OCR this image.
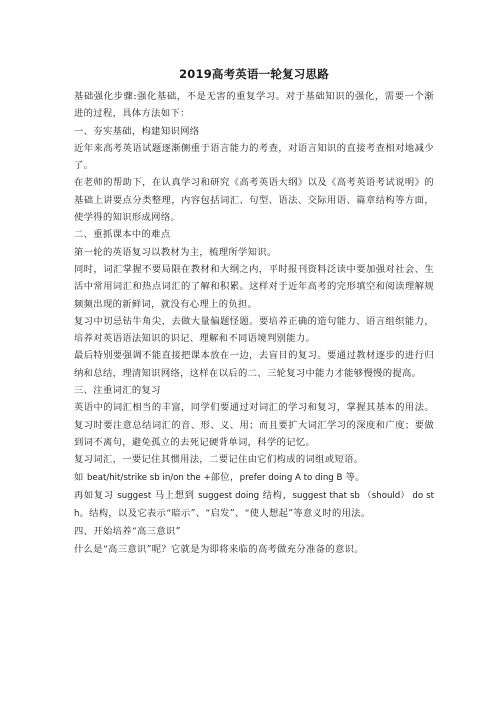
2019高考英语一轮复习思路

基础强化步骤:强化基础，不是无害的重复学习。对于基础知识的强化，需要一个渐进的过程，具体方法如下：

一、夯实基础，构建知识网络

近年来高考英语试题逐渐侧重于语言能力的考查，对语言知识的直接考查相对地减少了。

在老师的帮助下，在认真学习和研究《高考英语大纲》以及《高考英语考试说明》的基础上讲要点分类整理，内容包括词汇、句型、语法、交际用语、篇章结构等方面，使学得的知识形成网络。

二、重抓课本中的难点

第一轮的英语复习以教材为主，梳理所学知识。

同时，词汇掌握不要局限在教材和大纲之内，平时报刊资料泛读中要加强对社会、生活中常用词汇和热点词汇的了解和积累。这样对于近年高考的完形填空和阅读理解规频频出现的新鲜词，就没有心理上的负担。

复习中切忌钻牛角尖，去做大量偏题怪题。要培养正确的造句能力、语言组织能力，培养对英语语法知识的识记、理解和不同语境判别能力。

最后特别要强调不能直接把课本放在一边，去盲目的复习。要通过教材逐步的进行归纳和总结，理清知识网络，这样在以后的二、三轮复习中能力才能够慢慢的提高。

三、注重词汇的复习

英语中的词汇相当的丰富，同学们要通过对词汇的学习和复习，掌握其基本的用法。复习时要注意总结词汇的音、形、义、用；而且要扩大词汇学习的深度和广度；要做到词不离句，避免孤立的去死记硬背单词，科学的记忆。

复习词汇，一要记住其惯用法，二要记住由它们构成的词组或短语。

如 beat/hit/strike sb in/on the +部位，prefer doing A to ding B 等。

再如复习 suggest 马上想到 suggest doing 结构，suggest that sb （should） do sth。结构，以及它表示“暗示”、“启发”、“使人想起”等意义时的用法。

四、开始培养“高三意识”

什么是“高三意识”呢？它就是为即将来临的高考做充分准备的意识。
